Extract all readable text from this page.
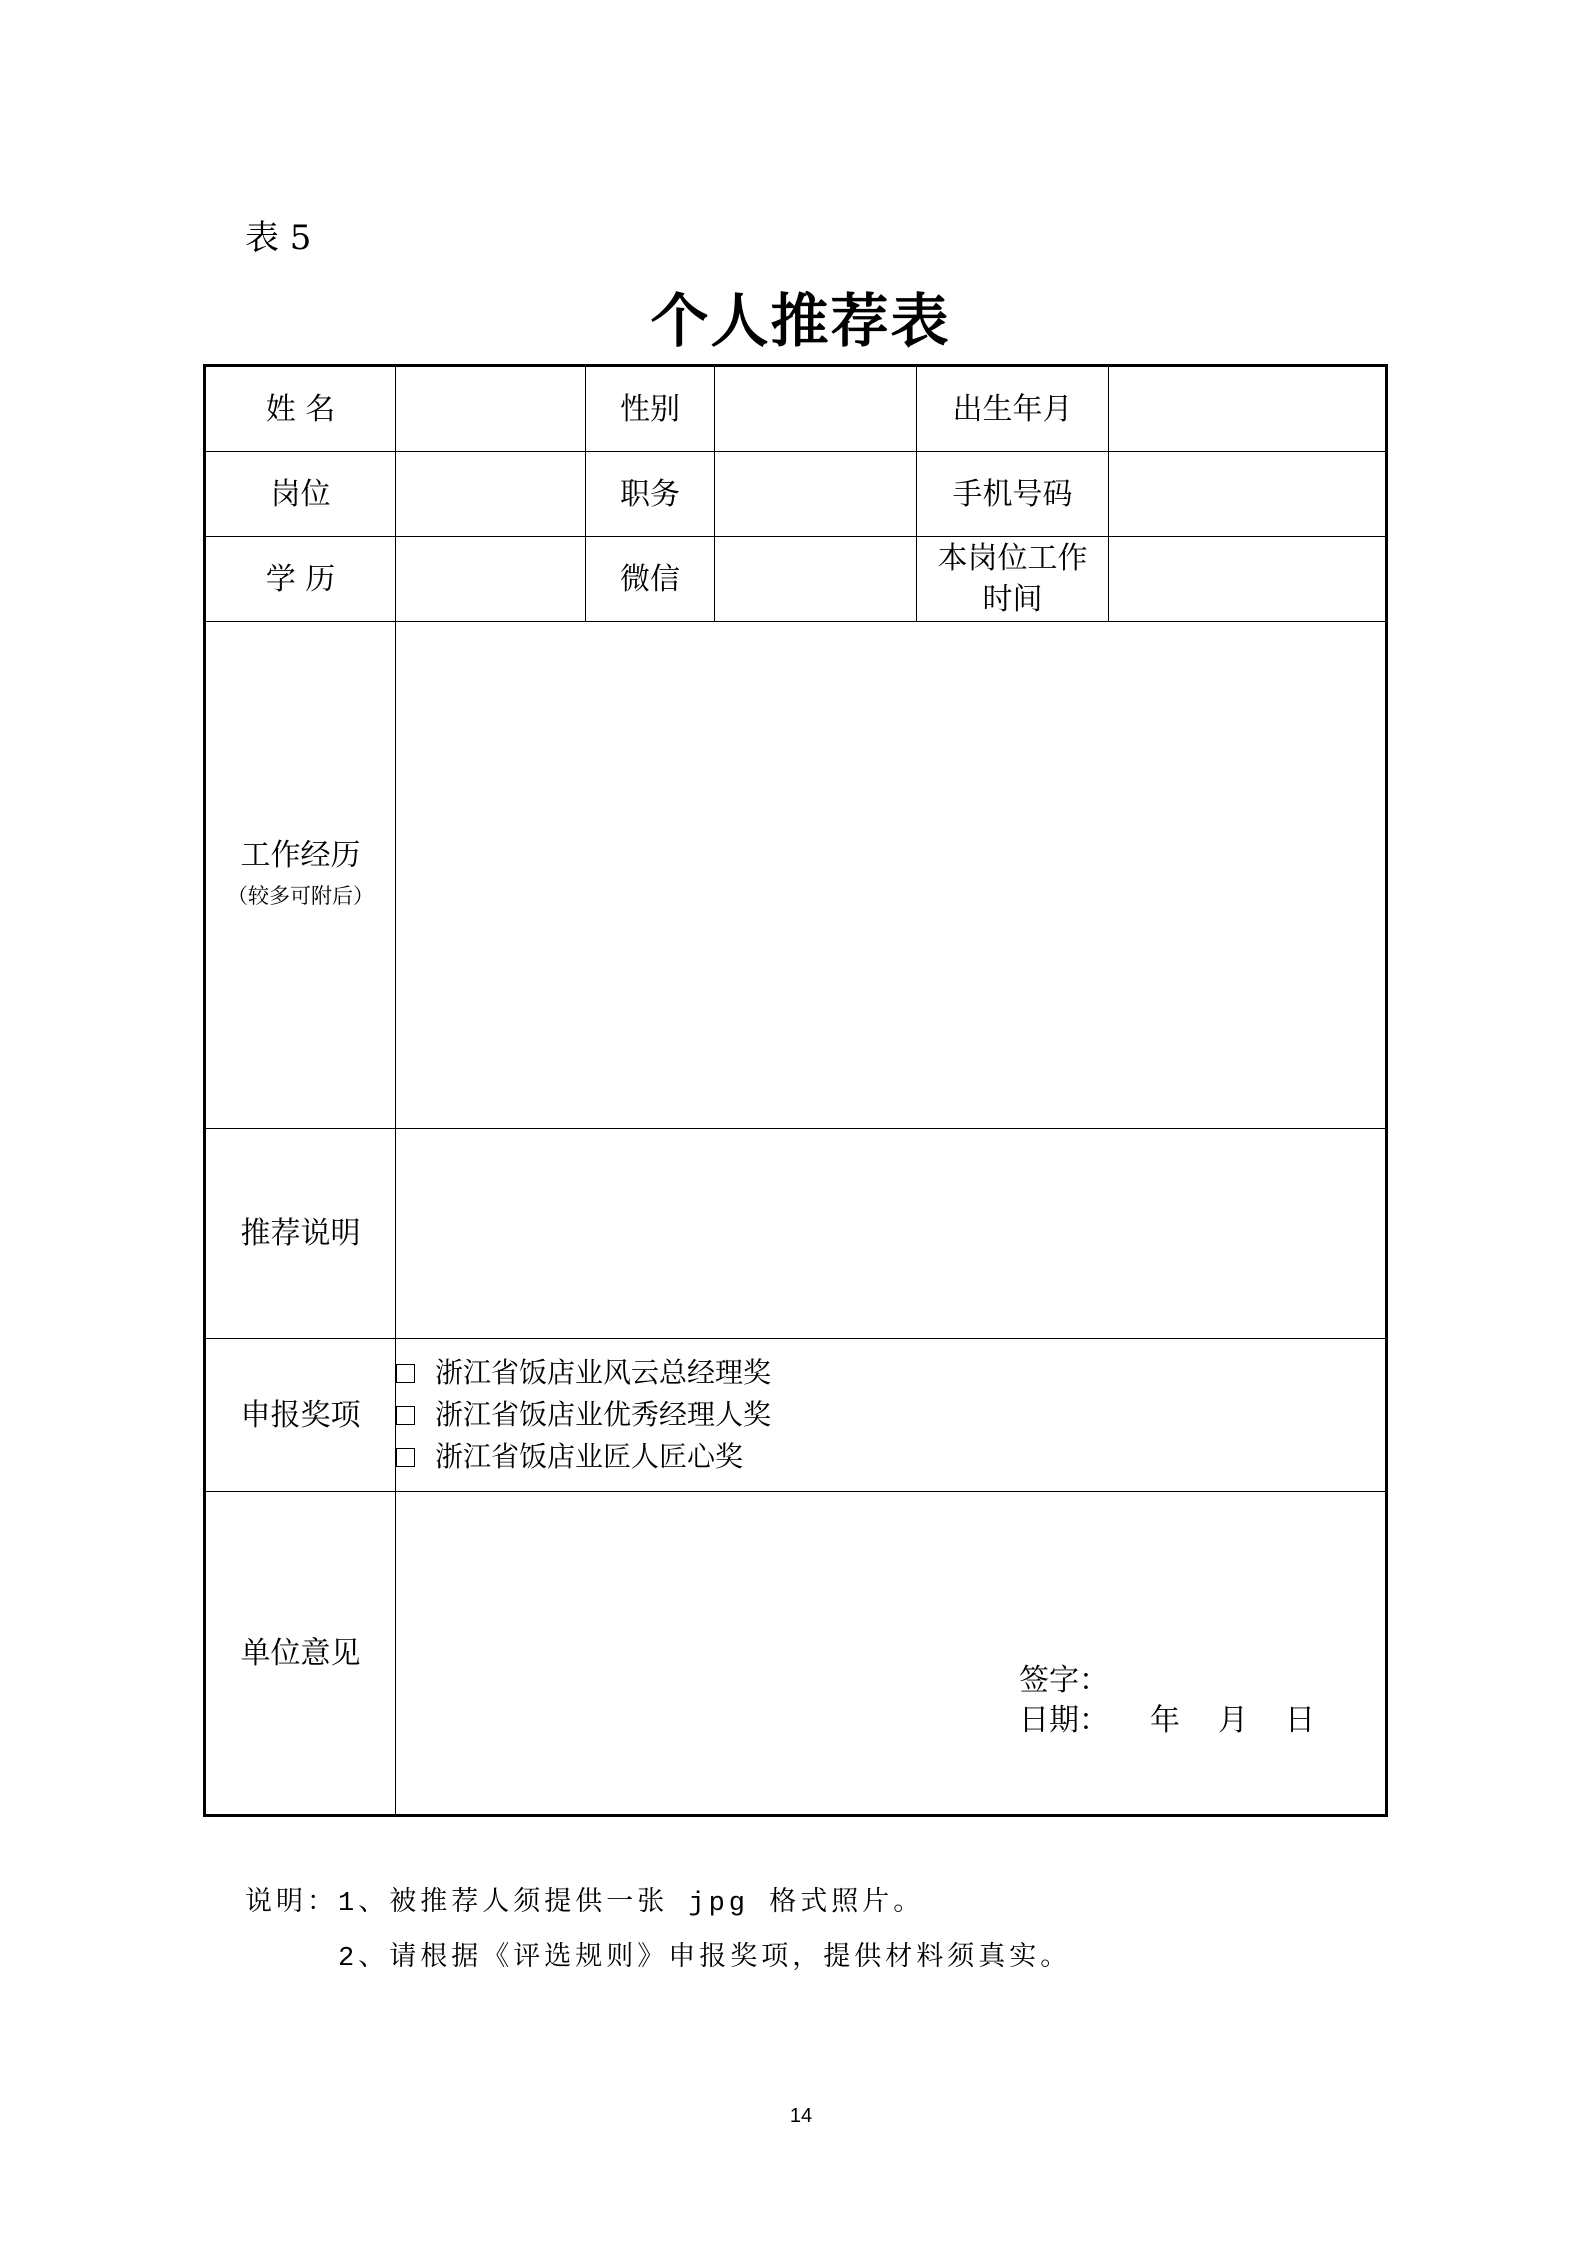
表 5
个人推荐表
姓 名		性别		出生年月	
岗位		职务		手机号码	
学 历		微信		本岗位工作
时间	

工作经历
（较多可附后）					

推荐说明					
申报奖项	浙江省饭店业风云总经理奖
浙江省饭店业优秀经理人奖
浙江省饭店业匠人匠心奖				

单位意见					
签字：
日期： 年 月 日
说明：1、被推荐人须提供一张 jpg 格式照片。
2、请根据《评选规则》申报奖项，提供材料须真实。
14
